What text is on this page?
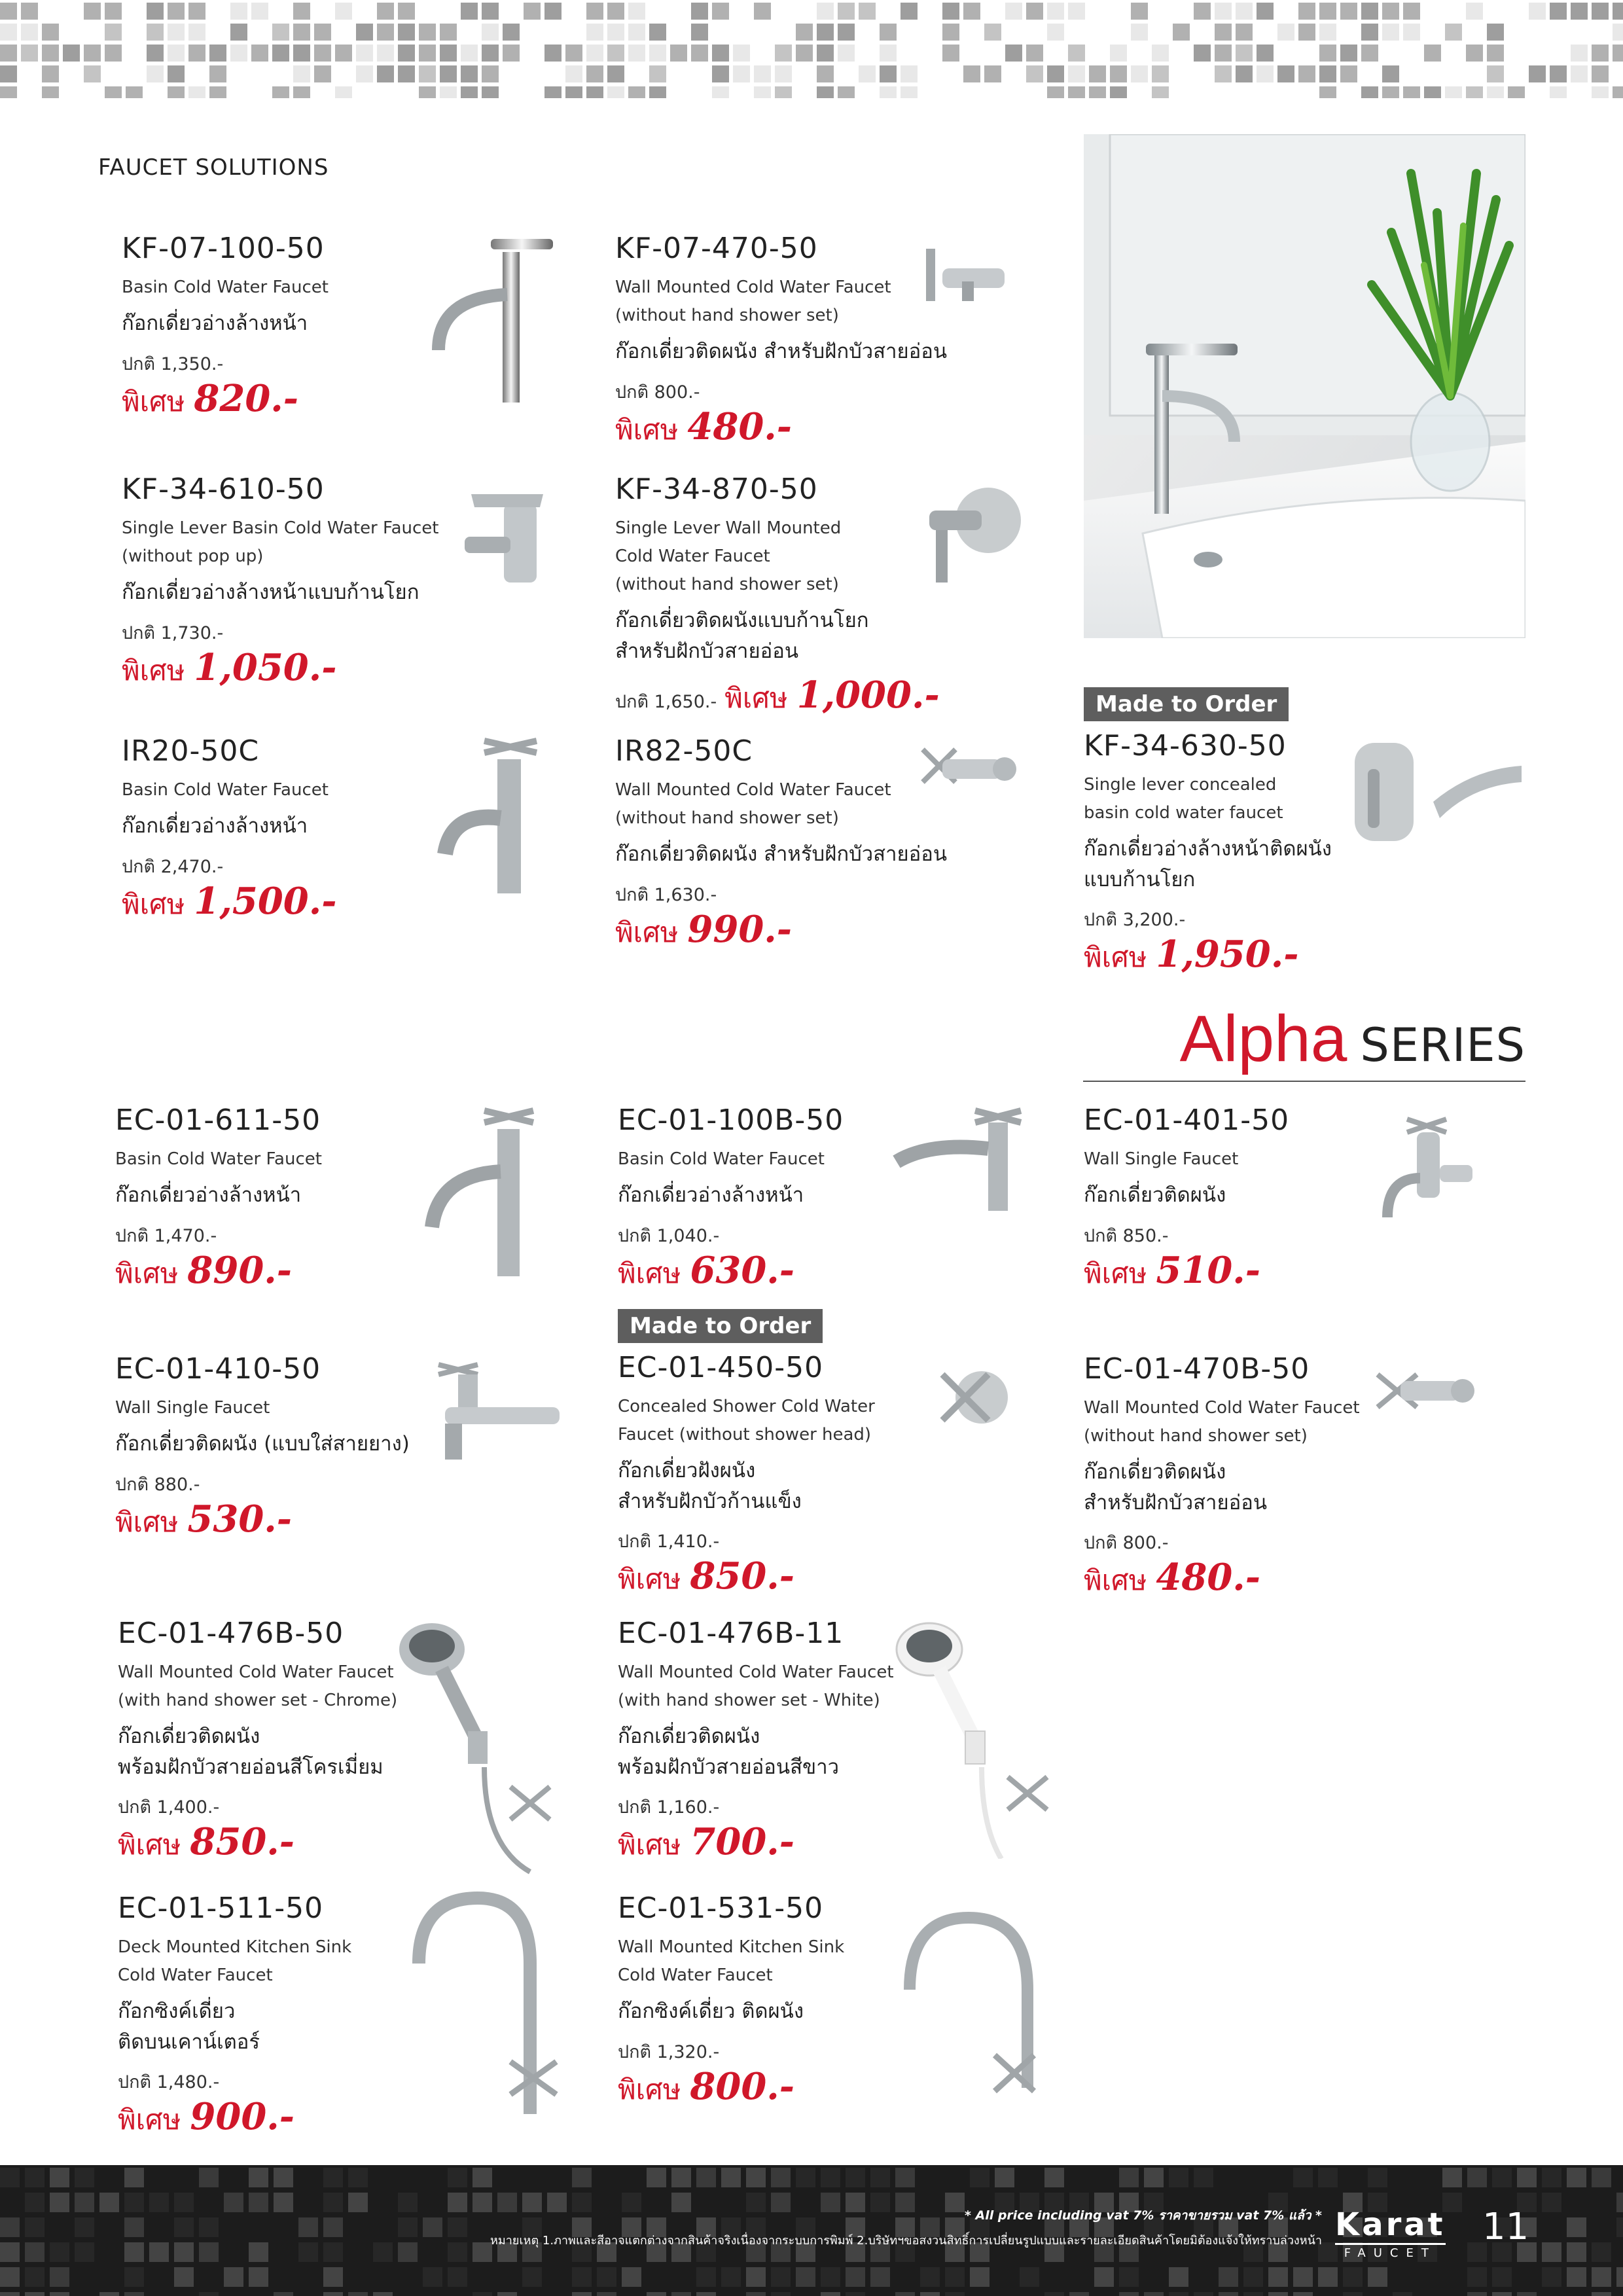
FAUCET SOLUTIONS
KF-07-100-50
Basin Cold Water Faucet
ก๊อกเดี่ยวอ่างล้างหน้า
ปกติ 1,350.-
พิเศษ 820.-
KF-07-470-50
Wall Mounted Cold Water Faucet
(without hand shower set)
ก๊อกเดี่ยวติดผนัง สำหรับฝักบัวสายอ่อน
ปกติ 800.-
พิเศษ 480.-
KF-34-610-50
Single Lever Basin Cold Water Faucet
(without pop up)
ก๊อกเดี่ยวอ่างล้างหน้าแบบก้านโยก
ปกติ 1,730.-
พิเศษ 1,050.-
KF-34-870-50
Single Lever Wall Mounted
Cold Water Faucet
(without hand shower set)
ก๊อกเดี่ยวติดผนังแบบก้านโยก
สำหรับฝักบัวสายอ่อน
ปกติ 1,650.- พิเศษ 1,000.-
IR20-50C
Basin Cold Water Faucet
ก๊อกเดี่ยวอ่างล้างหน้า
ปกติ 2,470.-
พิเศษ 1,500.-
IR82-50C
Wall Mounted Cold Water Faucet
(without hand shower set)
ก๊อกเดี่ยวติดผนัง สำหรับฝักบัวสายอ่อน
ปกติ 1,630.-
พิเศษ 990.-
Made to Order
KF-34-630-50
Single lever concealed
basin cold water faucet
ก๊อกเดี่ยวอ่างล้างหน้าติดผนัง
แบบก้านโยก
ปกติ 3,200.-
พิเศษ 1,950.-
Alpha SERIES
EC-01-611-50
Basin Cold Water Faucet
ก๊อกเดี่ยวอ่างล้างหน้า
ปกติ 1,470.-
พิเศษ 890.-
EC-01-100B-50
Basin Cold Water Faucet
ก๊อกเดี่ยวอ่างล้างหน้า
ปกติ 1,040.-
พิเศษ 630.-
EC-01-401-50
Wall Single Faucet
ก๊อกเดี่ยวติดผนัง
ปกติ 850.-
พิเศษ 510.-
EC-01-410-50
Wall Single Faucet
ก๊อกเดี่ยวติดผนัง (แบบใส่สายยาง)
ปกติ 880.-
พิเศษ 530.-
Made to Order
EC-01-450-50
Concealed Shower Cold Water
Faucet (without shower head)
ก๊อกเดี่ยวฝังผนัง
สำหรับฝักบัวก้านแข็ง
ปกติ 1,410.-
พิเศษ 850.-
EC-01-470B-50
Wall Mounted Cold Water Faucet
(without hand shower set)
ก๊อกเดี่ยวติดผนัง
สำหรับฝักบัวสายอ่อน
ปกติ 800.-
พิเศษ 480.-
EC-01-476B-50
Wall Mounted Cold Water Faucet
(with hand shower set - Chrome)
ก๊อกเดี่ยวติดผนัง
พร้อมฝักบัวสายอ่อนสีโครเมี่ยม
ปกติ 1,400.-
พิเศษ 850.-
EC-01-476B-11
Wall Mounted Cold Water Faucet
(with hand shower set - White)
ก๊อกเดี่ยวติดผนัง
พร้อมฝักบัวสายอ่อนสีขาว
ปกติ 1,160.-
พิเศษ 700.-
EC-01-511-50
Deck Mounted Kitchen Sink
Cold Water Faucet
ก๊อกซิงค์เดี่ยว
ติดบนเคาน์เตอร์
ปกติ 1,480.-
พิเศษ 900.-
EC-01-531-50
Wall Mounted Kitchen Sink
Cold Water Faucet
ก๊อกซิงค์เดี่ยว ติดผนัง
ปกติ 1,320.-
พิเศษ 800.-
* All price including vat 7% ราคาขายรวม vat 7% แล้ว *
หมายเหตุ 1.ภาพและสีอาจแตกต่างจากสินค้าจริงเนื่องจากระบบการพิมพ์ 2.บริษัทฯขอสงวนสิทธิ์การเปลี่ยนรูปแบบและรายละเอียดสินค้าโดยมิต้องแจ้งให้ทราบล่วงหน้า Karat
FAUCET
11
